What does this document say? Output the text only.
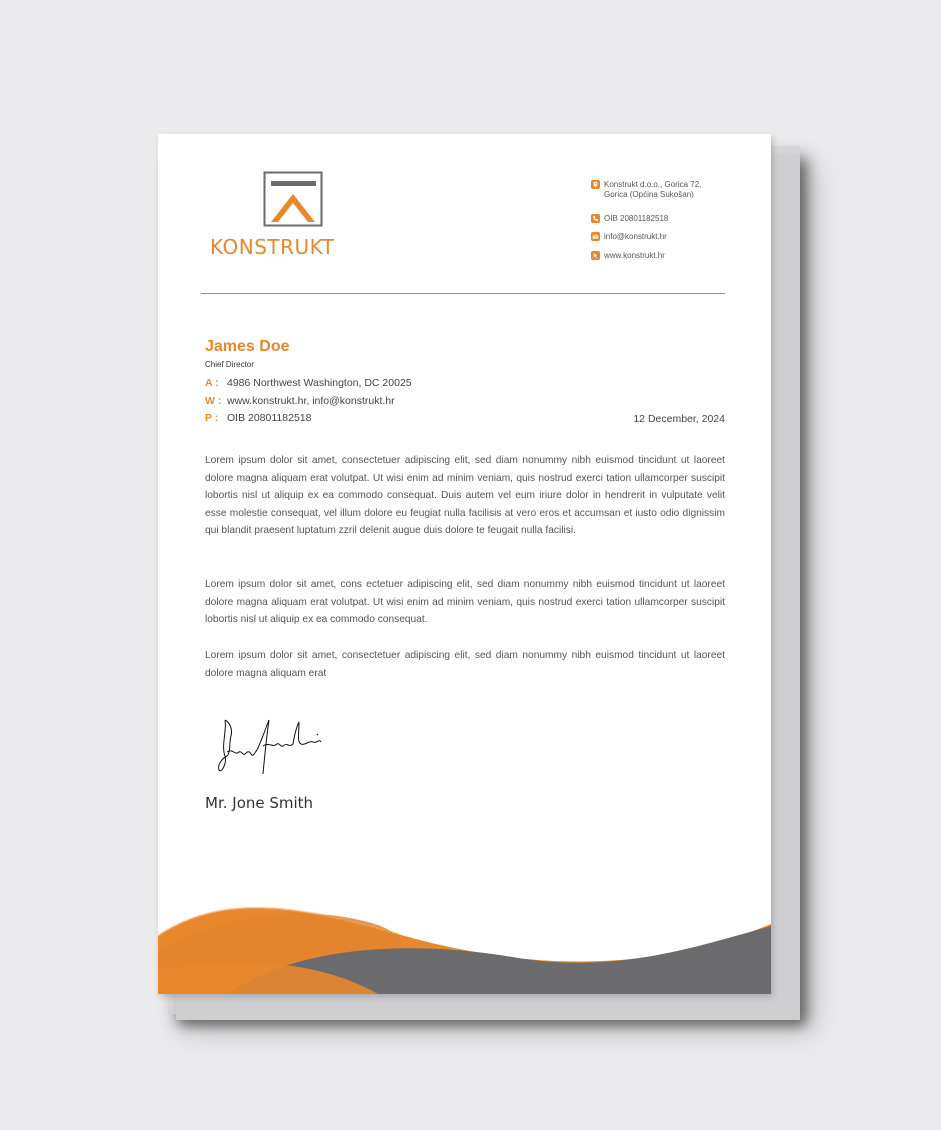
KONSTRUKT
Konstrukt d.o.o., Gorica 72,
Gorica (Općina Sukošan)
OIB 20801182518
info@konstrukt.hr
www.konstrukt.hr
James Doe
Chief Director
A : 4986 Northwest Washington, DC 20025
W : www.konstrukt.hr, info@konstrukt.hr
P : OIB 20801182518	12 December, 2024

Lorem ipsum dolor sit amet, consectetuer adipiscing elit, sed diam nonummy nibh euismod tincidunt ut laoreet dolore magna aliquam erat volutpat. Ut wisi enim ad minim veniam, quis nostrud exerci tation ullamcorper suscipit lobortis nisl ut aliquip ex ea commodo consequat. Duis autem vel eum iriure dolor in hendrerit in vulputate velit esse molestie consequat, vel illum dolore eu feugiat nulla facilisis at vero eros et accumsan et iusto odio dignissim qui blandit praesent luptatum zzril delenit augue duis dolore te feugait nulla facilisi.

Lorem ipsum dolor sit amet, cons ectetuer adipiscing elit, sed diam nonummy nibh euismod tincidunt ut laoreet dolore magna aliquam erat volutpat. Ut wisi enim ad minim veniam, quis nostrud exerci tation ullamcorper suscipit lobortis nisl ut aliquip ex ea commodo consequat.

Lorem ipsum dolor sit amet, consectetuer adipiscing elit, sed diam nonummy nibh euismod tincidunt ut laoreet dolore magna aliquam erat

Mr. Jone Smith
